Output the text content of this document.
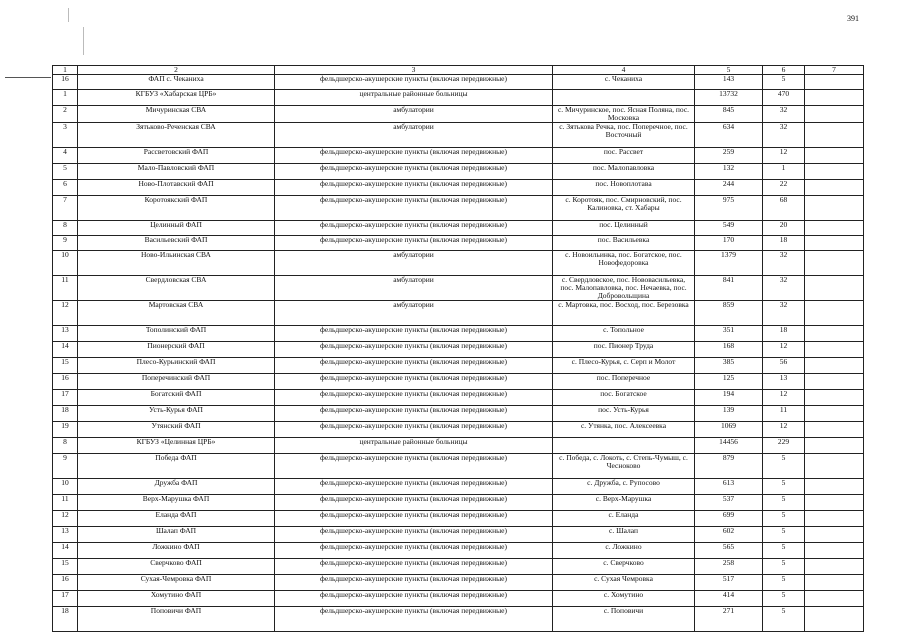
391
1	2	3	4	5	6	7
16	ФАП с. Чеканиха	фельдшерско-акушерские пункты (включая передвижные)	с. Чеканиха	143	5	
1	КГБУЗ «Хабарская ЦРБ»	центральные районные больницы		13732	470	
2	Мичуринская СВА	амбулатории	с. Мичуринское, пос. Ясная Поляна, пос. Московка	845	32	
3	Зятьково-Реченская СВА	амбулатории	с. Зятькова Речка, пос. Поперечное, пос. Восточный	634	32	
4	Рассветовский ФАП	фельдшерско-акушерские пункты (включая передвижные)	пос. Рассвет	259	12	
5	Мало-Павловский ФАП	фельдшерско-акушерские пункты (включая передвижные)	пос. Малопавловка	132	1	
6	Ново-Плотавский ФАП	фельдшерско-акушерские пункты (включая передвижные)	пос. Новоплотава	244	22	
7	Коротоякский ФАП	фельдшерско-акушерские пункты (включая передвижные)	с. Коротояк, пос. Смирновский, пос. Калиновка, ст. Хабары	975	68	
8	Целинный ФАП	фельдшерско-акушерские пункты (включая передвижные)	пос. Целинный	549	20	
9	Васильевский ФАП	фельдшерско-акушерские пункты (включая передвижные)	пос. Васильевка	170	18	
10	Ново-Ильинская СВА	амбулатории	с. Новоильинка, пос. Богатское, пос. Новофедоровка	1379	32	
11	Свердловская СВА	амбулатории	с. Свердловское, пос. Нововасильевка, пос. Малопавловка, пос. Нечаевка, пос. Добровольщина	841	32	
12	Мартовская СВА	амбулатории	с. Мартовка, пос. Восход, пос. Березовка	859	32	
13	Тополинский ФАП	фельдшерско-акушерские пункты (включая передвижные)	с. Топольное	351	18	
14	Пионерский ФАП	фельдшерско-акушерские пункты (включая передвижные)	пос. Пионер Труда	168	12	
15	Плесо-Курьинский ФАП	фельдшерско-акушерские пункты (включая передвижные)	с. Плесо-Курья, с. Серп и Молот	385	56	
16	Поперечинский ФАП	фельдшерско-акушерские пункты (включая передвижные)	пос. Поперечное	125	13	
17	Богатский ФАП	фельдшерско-акушерские пункты (включая передвижные)	пос. Богатское	194	12	
18	Усть-Курья ФАП	фельдшерско-акушерские пункты (включая передвижные)	пос. Усть-Курья	139	11	
19	Утянский ФАП	фельдшерско-акушерские пункты (включая передвижные)	с. Утянка, пос. Алексеевка	1069	12	
8	КГБУЗ «Целинная ЦРБ»	центральные районные больницы		14456	229	
9	Победа ФАП	фельдшерско-акушерские пункты (включая передвижные)	с. Победа, с. Локоть, с. Степь-Чумыш, с. Чесноково	879	5	
10	Дружба ФАП	фельдшерско-акушерские пункты (включая передвижные)	с. Дружба, с. Рупосово	613	5	
11	Верх-Марушка ФАП	фельдшерско-акушерские пункты (включая передвижные)	с. Верх-Марушка	537	5	
12	Еланда ФАП	фельдшерско-акушерские пункты (включая передвижные)	с. Еланда	699	5	
13	Шалап ФАП	фельдшерско-акушерские пункты (включая передвижные)	с. Шалап	602	5	
14	Ложкино ФАП	фельдшерско-акушерские пункты (включая передвижные)	с. Ложкино	565	5	
15	Сверчково ФАП	фельдшерско-акушерские пункты (включая передвижные)	с. Сверчково	258	5	
16	Сухая-Чемровка ФАП	фельдшерско-акушерские пункты (включая передвижные)	с. Сухая Чемровка	517	5	
17	Хомутино ФАП	фельдшерско-акушерские пункты (включая передвижные)	с. Хомутино	414	5	
18	Поповичи ФАП	фельдшерско-акушерские пункты (включая передвижные)	с. Поповичи	271	5	
